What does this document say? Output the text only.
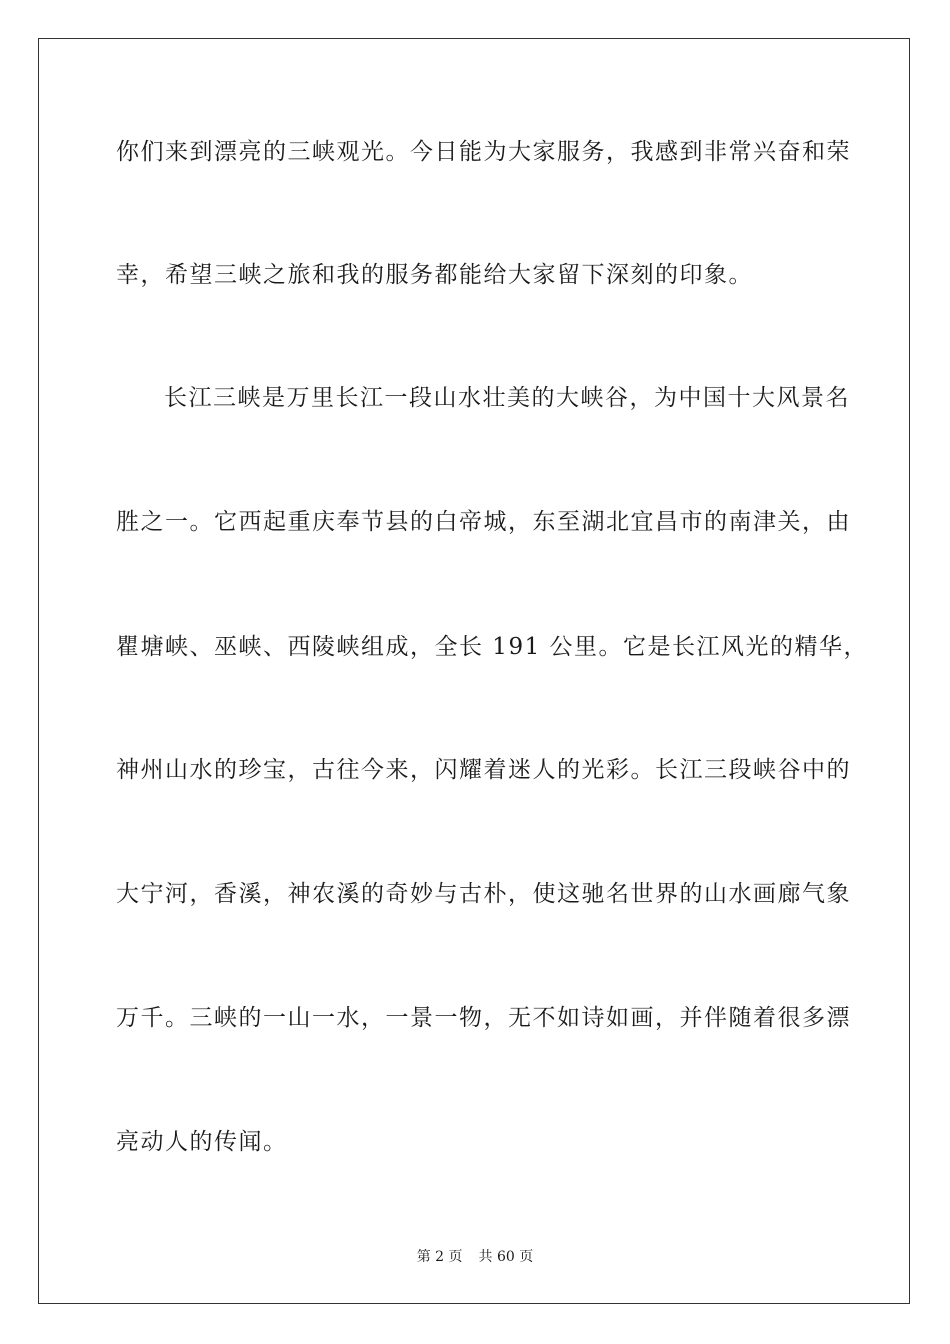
你们来到漂亮的三峡观光。今日能为大家服务，我感到非常兴奋和荣
幸，希望三峡之旅和我的服务都能给大家留下深刻的印象。
长江三峡是万里长江一段山水壮美的大峡谷，为中国十大风景名
胜之一。它西起重庆奉节县的白帝城，东至湖北宜昌市的南津关，由
瞿塘峡、巫峡、西陵峡组成，全长 191 公里。它是长江风光的精华，
神州山水的珍宝，古往今来，闪耀着迷人的光彩。长江三段峡谷中的
大宁河，香溪，神农溪的奇妙与古朴，使这驰名世界的山水画廊气象
万千。三峡的一山一水，一景一物，无不如诗如画，并伴随着很多漂
亮动人的传闻。
第 2 页 共 60 页
